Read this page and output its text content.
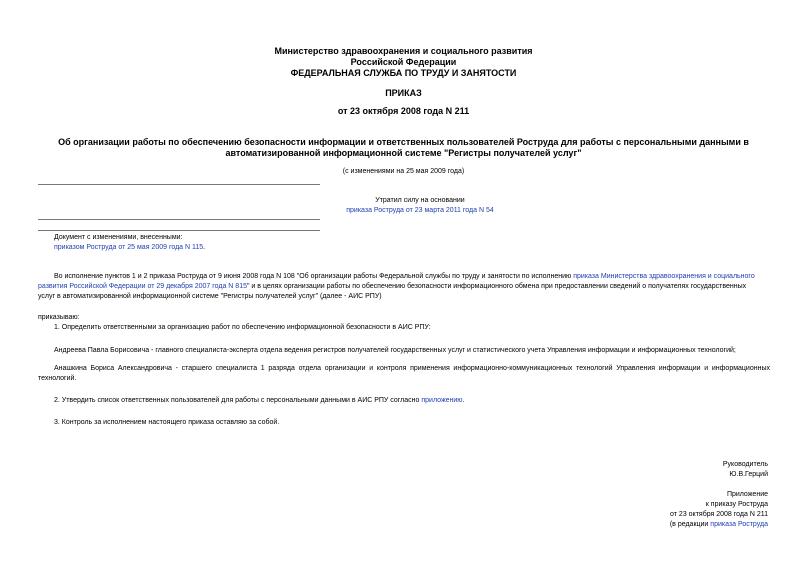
Министерство здравоохранения и социального развития
Российской Федерации
ФЕДЕРАЛЬНАЯ СЛУЖБА ПО ТРУДУ И ЗАНЯТОСТИ
ПРИКАЗ
от 23 октября 2008 года N 211
Об организации работы по обеспечению безопасности информации и ответственных пользователей Роструда для работы с персональными данными в
автоматизированной информационной системе "Регистры получателей услуг"
(с изменениями на 25 мая 2009 года)
Утратил силу на основании
приказа Роструда от 23 марта 2011 года N 54
Документ с изменениями, внесенными:
приказом Роструда от 25 мая 2009 года N 115.
Во исполнение пунктов 1 и 2 приказа Роструда от 9 июня 2008 года N 108 "Об организации работы Федеральной службы по труду и занятости по исполнению приказа Министерства здравоохранения и социального
развития Российской Федерации от 29 декабря 2007 года N 815" и в целях организации работы по обеспечению безопасности информационного обмена при предоставлении сведений о получателях государственных
услуг в автоматизированной информационной системе "Регистры получателей услуг" (далее - АИС РПУ)
приказываю:
1. Определить ответственными за организацию работ по обеспечению информационной безопасности в АИС РПУ:
Андреева Павла Борисовича - главного специалиста-эксперта отдела ведения регистров получателей государственных услуг и статистического учета Управления информации и информационных технологий;
Анашкина Бориса Александровича - старшего специалиста 1 разряда отдела организации и контроля применения информационно-коммуникационных технологий Управления информации и информационных технологий.
2. Утвердить список ответственных пользователей для работы с персональными данными в АИС РПУ согласно приложению.
3. Контроль за исполнением настоящего приказа оставляю за собой.
Руководитель
Ю.В.Герций
Приложение
к приказу Роструда
от 23 октября 2008 года N 211
(в редакции приказа Роструда
